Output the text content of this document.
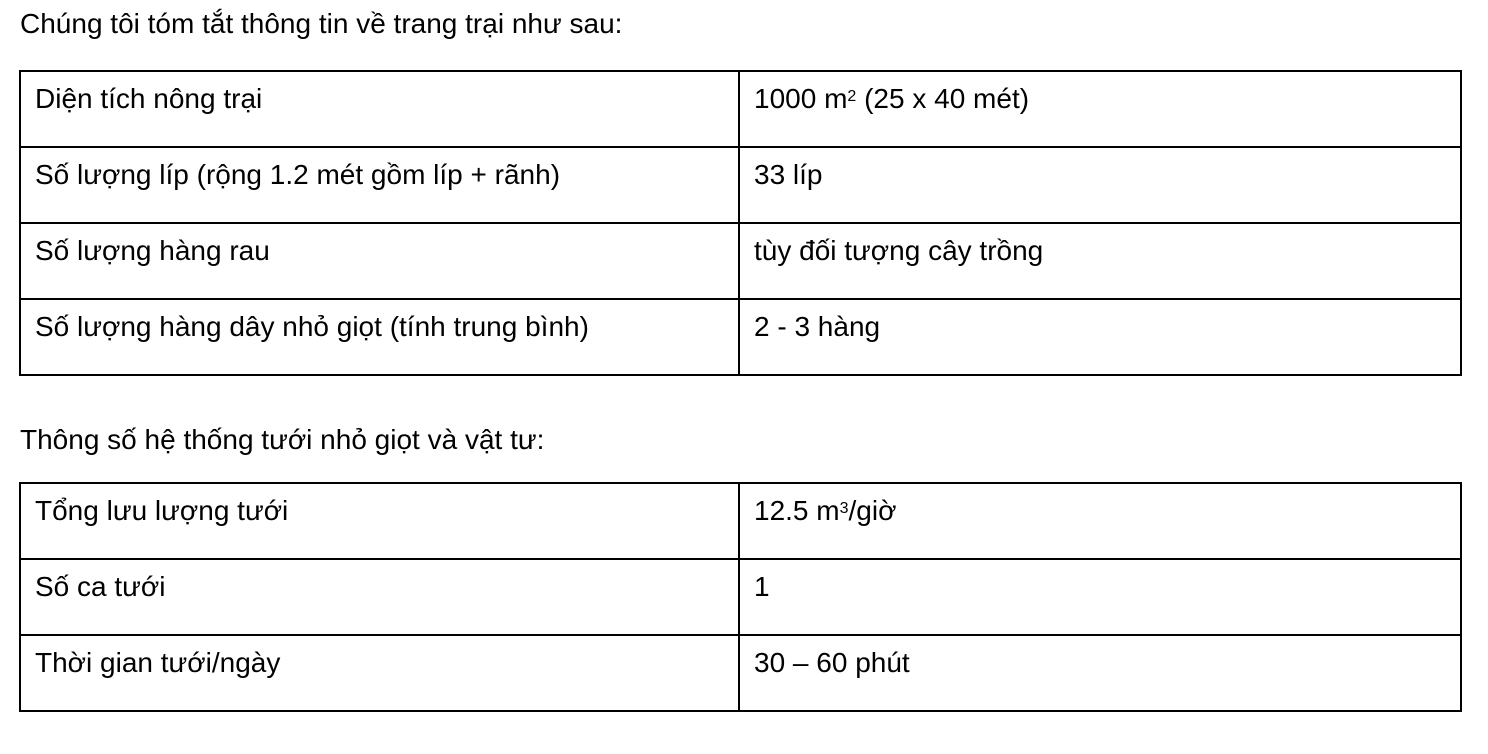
Chúng tôi tóm tắt thông tin về trang trại như sau:

Diện tích nông trại	1000 $m^2$ (25 x 40 mét)
Số lượng líp (rộng 1.2 mét gồm líp + rãnh)	33 líp
Số lượng hàng rau	tùy đối tượng cây trồng
Số lượng hàng dây nhỏ giọt (tính trung bình)	2 - 3 hàng

Thông số hệ thống tưới nhỏ giọt và vật tư:

Tổng lưu lượng tưới	12.5 $m^3$/giờ
Số ca tưới	1
Thời gian tưới/ngày	30 – 60 phút
